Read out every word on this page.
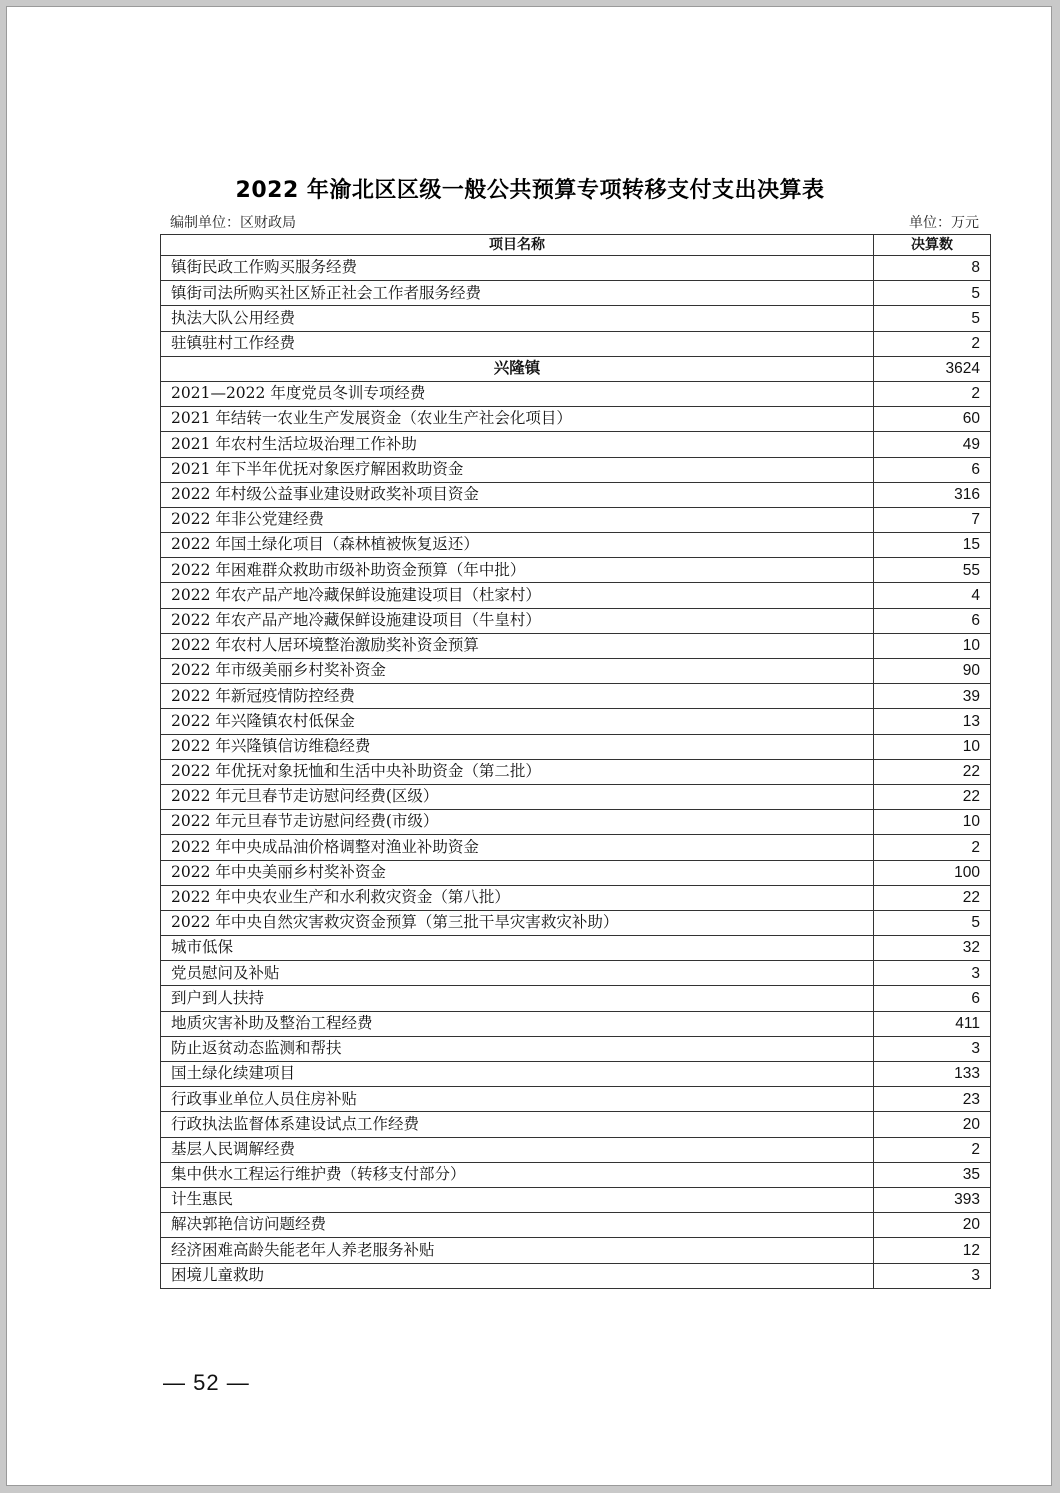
2022 年渝北区区级一般公共预算专项转移支付支出决算表
编制单位：区财政局	单位：万元
项目名称	决算数
镇街民政工作购买服务经费	8
镇街司法所购买社区矫正社会工作者服务经费	5
执法大队公用经费	5
驻镇驻村工作经费	2
兴隆镇	3624
2021—2022 年度党员冬训专项经费	2
2021 年结转一农业生产发展资金（农业生产社会化项目）	60
2021 年农村生活垃圾治理工作补助	49
2021 年下半年优抚对象医疗解困救助资金	6
2022 年村级公益事业建设财政奖补项目资金	316
2022 年非公党建经费	7
2022 年国土绿化项目（森林植被恢复返还）	15
2022 年困难群众救助市级补助资金预算（年中批）	55
2022 年农产品产地冷藏保鲜设施建设项目（杜家村）	4
2022 年农产品产地冷藏保鲜设施建设项目（牛皇村）	6
2022 年农村人居环境整治激励奖补资金预算	10
2022 年市级美丽乡村奖补资金	90
2022 年新冠疫情防控经费	39
2022 年兴隆镇农村低保金	13
2022 年兴隆镇信访维稳经费	10
2022 年优抚对象抚恤和生活中央补助资金（第二批）	22
2022 年元旦春节走访慰问经费(区级）	22
2022 年元旦春节走访慰问经费(市级）	10
2022 年中央成品油价格调整对渔业补助资金	2
2022 年中央美丽乡村奖补资金	100
2022 年中央农业生产和水利救灾资金（第八批）	22
2022 年中央自然灾害救灾资金预算（第三批干旱灾害救灾补助）	5
城市低保	32
党员慰问及补贴	3
到户到人扶持	6
地质灾害补助及整治工程经费	411
防止返贫动态监测和帮扶	3
国土绿化续建项目	133
行政事业单位人员住房补贴	23
行政执法监督体系建设试点工作经费	20
基层人民调解经费	2
集中供水工程运行维护费（转移支付部分）	35
计生惠民	393
解决郭艳信访问题经费	20
经济困难高龄失能老年人养老服务补贴	12
困境儿童救助	3
— 52 —
